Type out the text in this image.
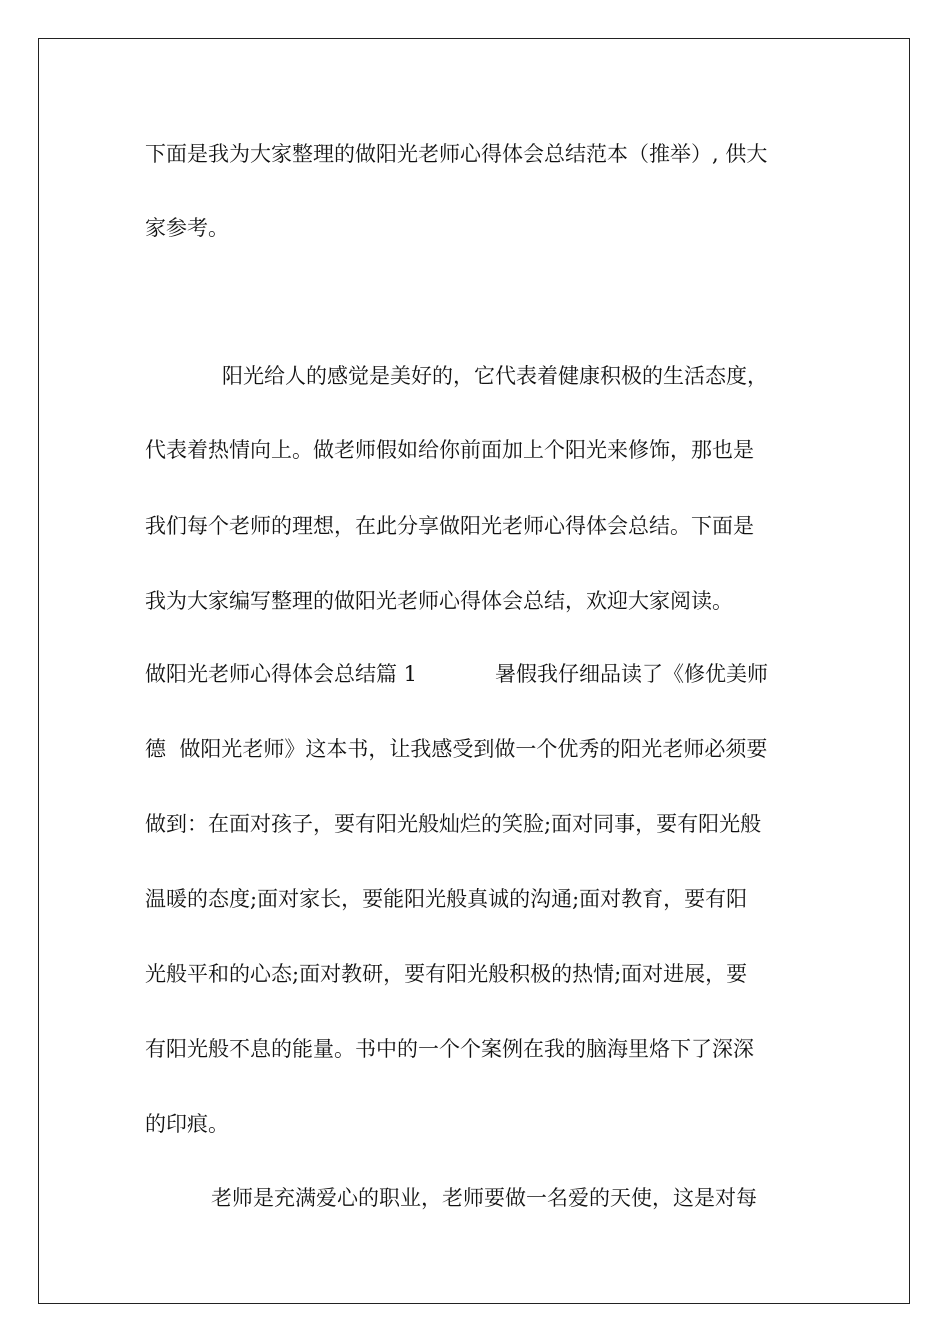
下面是我为大家整理的做阳光老师心得体会总结范本（推举）, 供大
家参考。
阳光给人的感觉是美好的，它代表着健康积极的生活态度，
代表着热情向上。做老师假如给你前面加上个阳光来修饰，那也是
我们每个老师的理想，在此分享做阳光老师心得体会总结。下面是
我为大家编写整理的做阳光老师心得体会总结，欢迎大家阅读。
做阳光老师心得体会总结篇 1	暑假我仔细品读了《修优美师
德  做阳光老师》这本书，让我感受到做一个优秀的阳光老师必须要
做到：在面对孩子，要有阳光般灿烂的笑脸;面对同事，要有阳光般
温暖的态度;面对家长，要能阳光般真诚的沟通;面对教育，要有阳
光般平和的心态;面对教研，要有阳光般积极的热情;面对进展，要
有阳光般不息的能量。书中的一个个案例在我的脑海里烙下了深深
的印痕。
老师是充满爱心的职业，老师要做一名爱的天使，这是对每
